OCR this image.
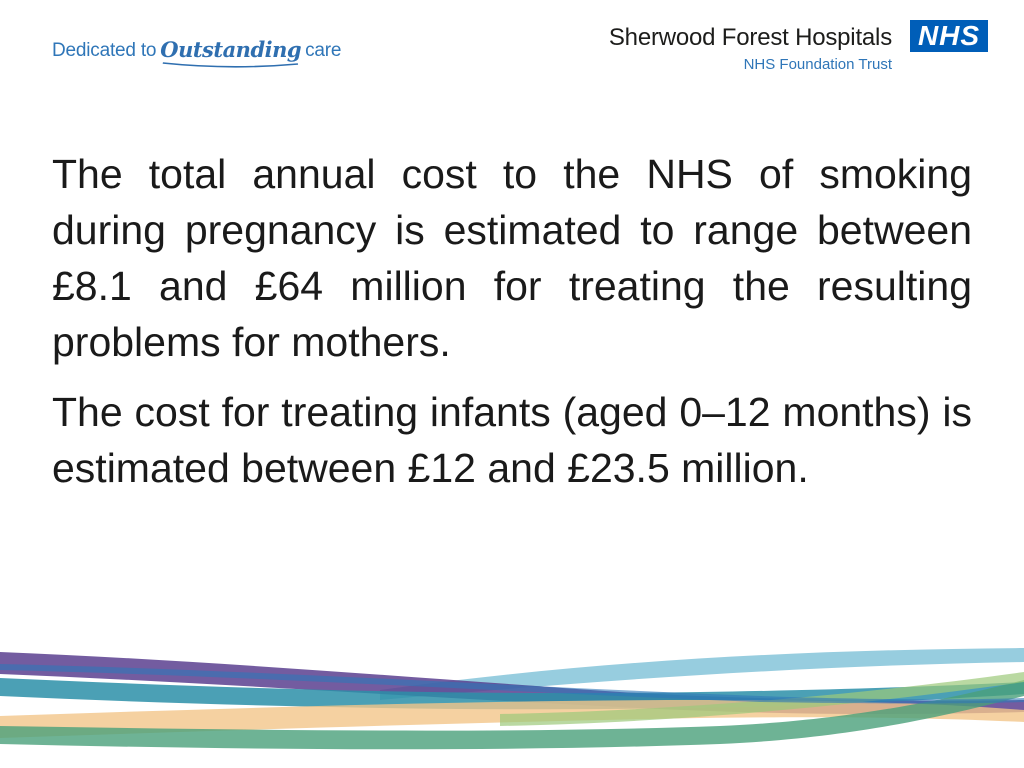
Dedicated to Outstanding care	Sherwood Forest Hospitals
NHS Foundation Trust
NHS

The total annual cost to the NHS of smoking during pregnancy is estimated to range between £8.1 and £64 million for treating the resulting problems for mothers.

The cost for treating infants (aged 0–12 months) is estimated between £12 and £23.5 million.
